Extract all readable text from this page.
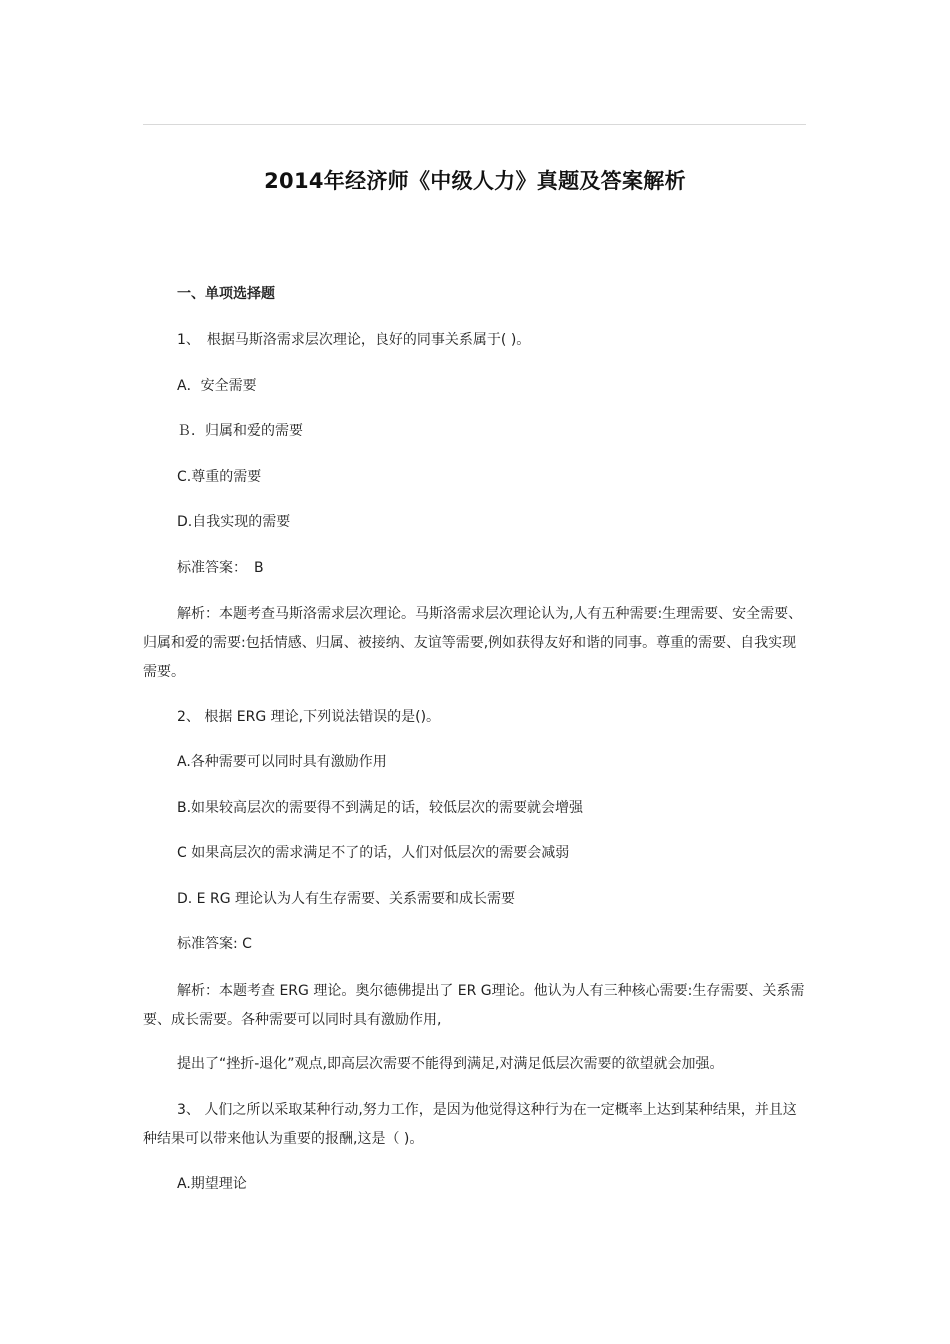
2014年经济师《中级人力》真题及答案解析
一、单项选择题
1、　根据马斯洛需求层次理论，良好的同事关系属于( )。
A．安全需要
Ｂ．归属和爱的需要
C.尊重的需要
D.自我实现的需要
标准答案：　B
解析：本题考查马斯洛需求层次理论。马斯洛需求层次理论认为,人有五种需要:生理需要、安全需要、归属和爱的需要:包括情感、归属、被接纳、友谊等需要,例如获得友好和谐的同事。尊重的需要、自我实现需要。
2、 根据 ERG 理论,下列说法错误的是()。
A.各种需要可以同时具有激励作用
B.如果较高层次的需要得不到满足的话，较低层次的需要就会增强
C 如果高层次的需求满足不了的话，人们对低层次的需要会减弱
D. E RG 理论认为人有生存需要、关系需要和成长需要
标准答案: C
解析：本题考查 ERG 理论。奥尔德佛提出了 ER G理论。他认为人有三种核心需要:生存需要、关系需要、成长需要。各种需要可以同时具有激励作用,
提出了“挫折-退化”观点,即高层次需要不能得到满足,对满足低层次需要的欲望就会加强。
3、 人们之所以采取某种行动,努力工作，是因为他觉得这种行为在一定概率上达到某种结果，并且这种结果可以带来他认为重要的报酬,这是（ )。
A.期望理论
